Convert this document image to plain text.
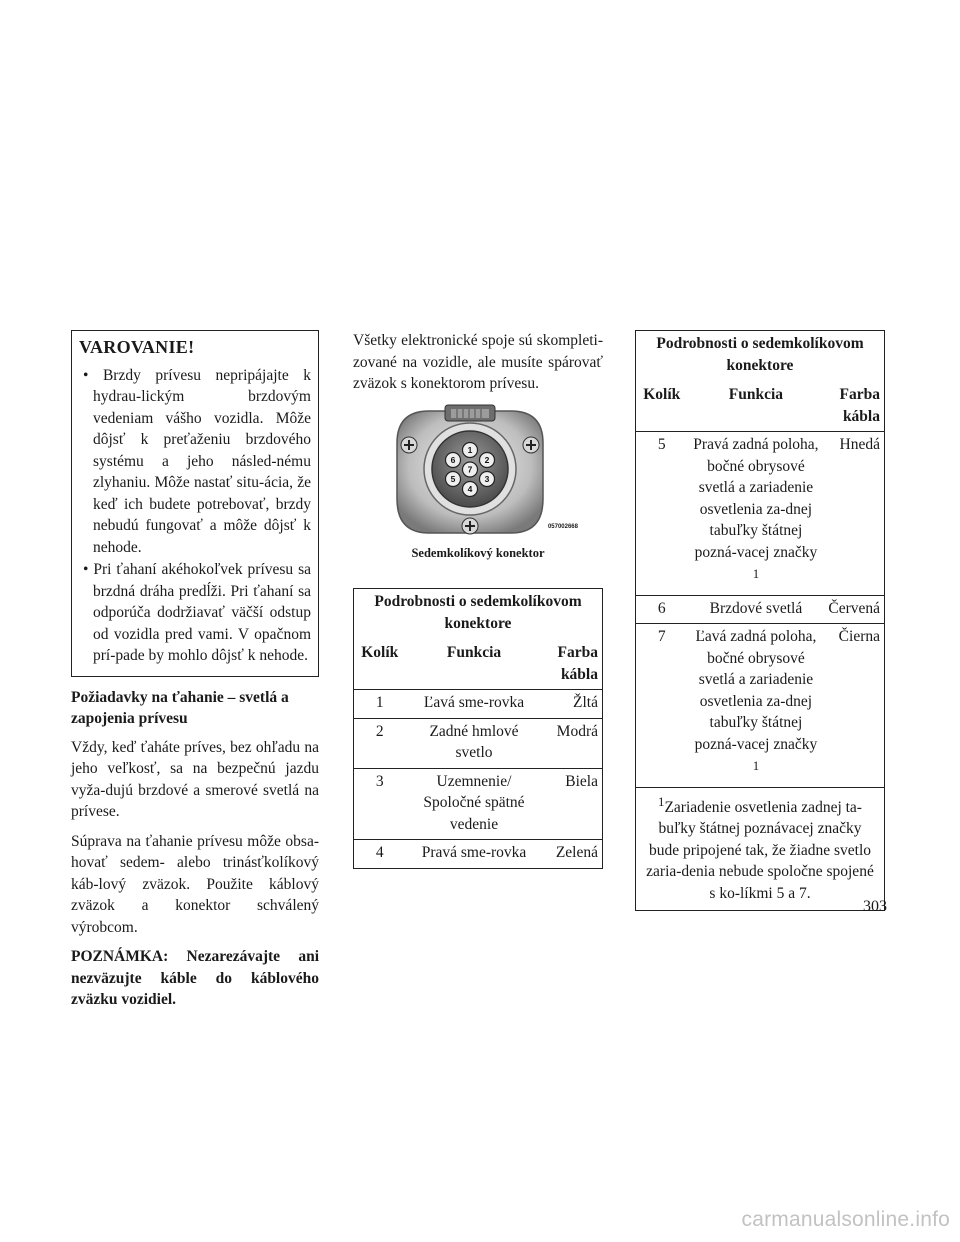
VAROVANIE!
• Brzdy prívesu nepripájajte k hydrau-lickým brzdovým vedeniam vášho vozidla. Môže dôjsť k preťaženiu brzdového systému a jeho násled-nému zlyhaniu. Môže nastať situ-ácia, že keď ich budete potrebovať, brzdy nebudú fungovať a môže dôjsť k nehode.
• Pri ťahaní akéhokoľvek prívesu sa brzdná dráha predĺži. Pri ťahaní sa odporúča dodržiavať väčší odstup od vozidla pred vami. V opačnom prí-pade by mohlo dôjsť k nehode.
Požiadavky na ťahanie – svetlá a zapojenia prívesu

Vždy, keď ťaháte príves, bez ohľadu na jeho veľkosť, sa na bezpečnú jazdu vyža-dujú brzdové a smerové svetlá na prívese.

Súprava na ťahanie prívesu môže obsa-hovať sedem- alebo trinásťkolíkový káb-lový zväzok. Použite káblový zväzok a konektor schválený výrobcom.

POZNÁMKA: Nezarezávajte ani nezväzujte káble do káblového zväzku vozidiel.

Všetky elektronické spoje sú skompleti-zované na vozidle, ale musíte spárovať zväzok s konektorom prívesu.

1
2
3
4
5
6
7
057002668
Sedemkolíkový konektor
Podrobnosti o sedemkolíkovom konektore		
Kolík	Funkcia	Farba kábla
1	Ľavá sme-rovka	Žltá
2	Zadné hmlové svetlo	Modrá
3	Uzemnenie/ Spoločné spätné vedenie	Biela
4	Pravá sme-rovka	Zelená
Podrobnosti o sedemkolíkovom konektore		
Kolík	Funkcia	Farba kábla
5	Pravá zadná poloha, bočné obrysové svetlá a zariadenie osvetlenia za-dnej tabuľky štátnej pozná-vacej značky $^1$	Hnedá
6	Brzdové svetlá	Červená
7	Ľavá zadná poloha, bočné obrysové svetlá a zariadenie osvetlenia za-dnej tabuľky štátnej pozná-vacej značky $^1$	Čierna
$^1$Zariadenie osvetlenia zadnej ta-buľky štátnej poznávacej značky bude pripojené tak, že žiadne svetlo zaria-denia nebude spoločne spojené s ko-líkmi 5 a 7.		
303
carmanualsonline.info
